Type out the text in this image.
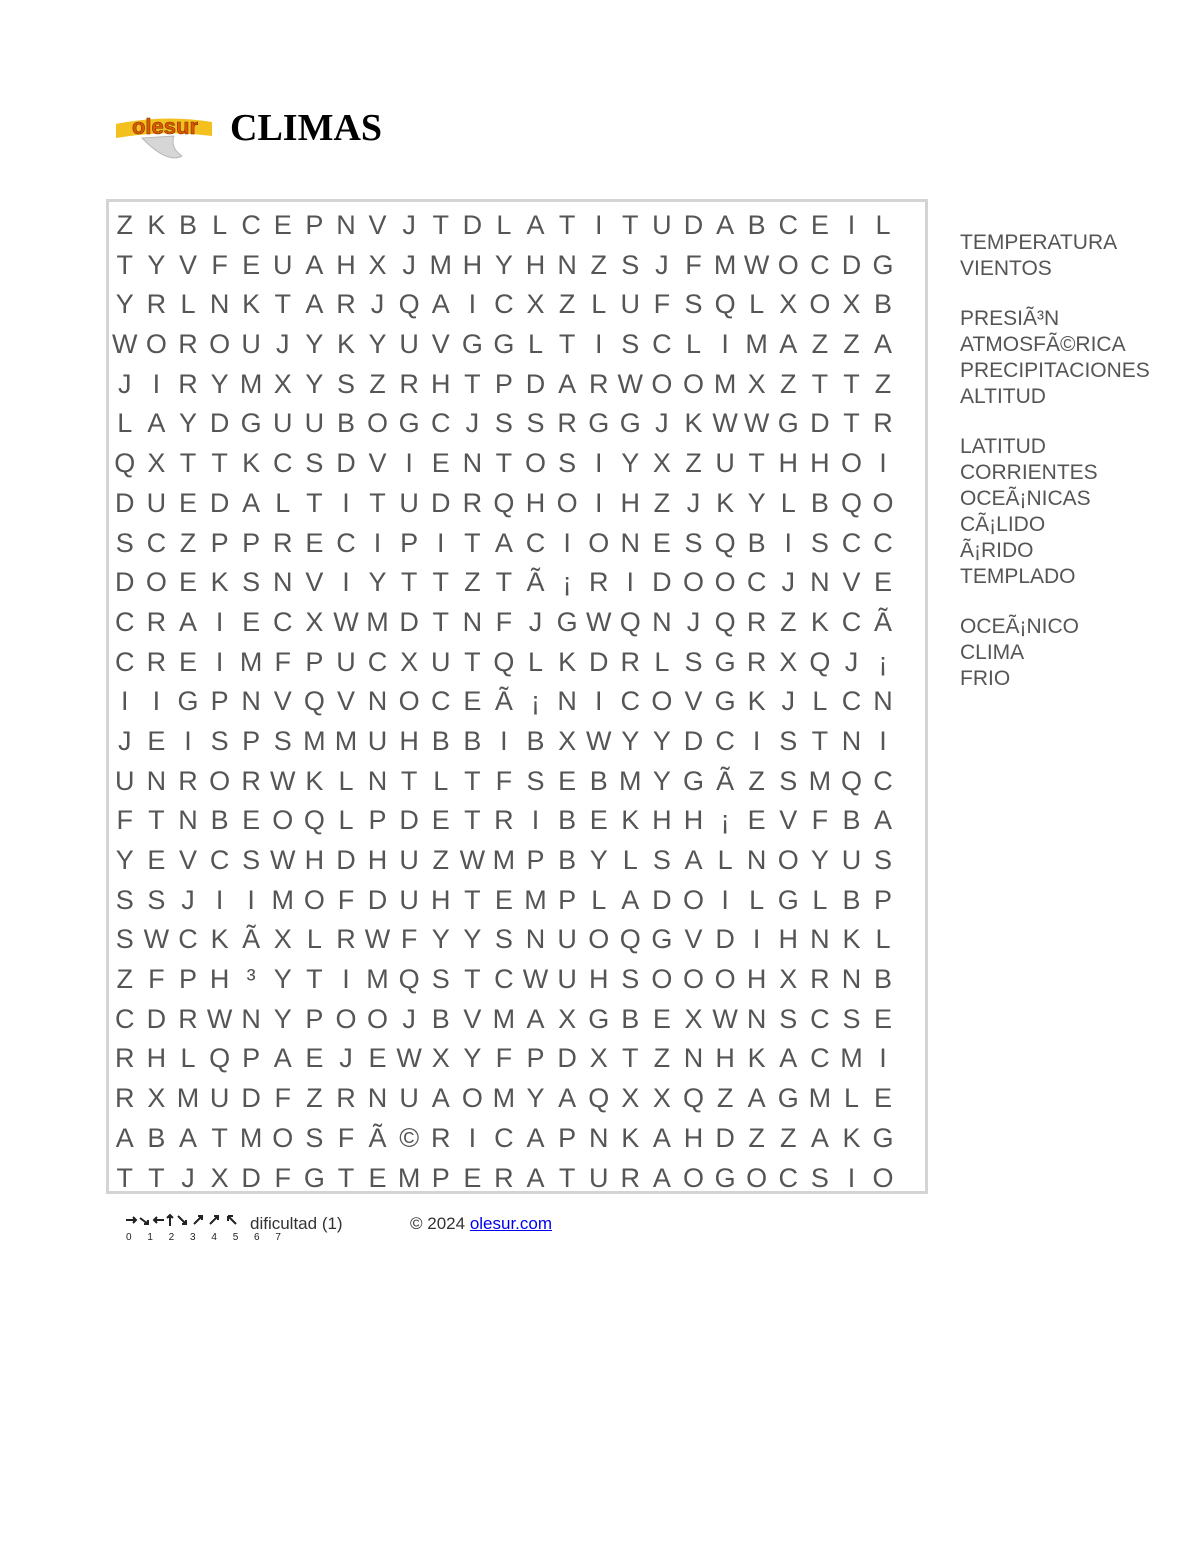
olesur CLIMAS
Z K B L C E P N V J T D L A T I T U D A B C E I L
T Y V F E U A H X J M H Y H N Z S J F M W O C D G
Y R L N K T A R J Q A I C X Z L U F S Q L X O X B
W O R O U J Y K Y U V G G L T I S C L I M A Z Z A
J I R Y M X Y S Z R H T P D A R W O O M X Z T T Z
L A Y D G U U B O G C J S S R G G J K W W G D T R
Q X T T K C S D V I E N T O S I Y X Z U T H H O I
D U E D A L T I T U D R Q H O I H Z J K Y L B Q O
S C Z P P R E C I P I T A C I O N E S Q B I S C C
D O E K S N V I Y T T Z T Ã ¡ R I D O O C J N V E
C R A I E C X W M D T N F J G W Q N J Q R Z K C Ã
C R E I M F P U C X U T Q L K D R L S G R X Q J ¡
I I G P N V Q V N O C E Ã ¡ N I C O V G K J L C N
J E I S P S M M U H B B I B X W Y Y D C I S T N I
U N R O R W K L N T L T F S E B M Y G Ã Z S M Q C
F T N B E O Q L P D E T R I B E K H H ¡ E V F B A
Y E V C S W H D H U Z W M P B Y L S A L N O Y U S
S S J I I M O F D U H T E M P L A D O I L G L B P
S W C K Ã X L R W F Y Y S N U O Q G V D I H N K L
Z F P H ³ Y T I M Q S T C W U H S O O O H X R N B
C D R W N Y P O O J B V M A X G B E X W N S C S E
R H L Q P A E J E W X Y F P D X T Z N H K A C M I
R X M U D F Z R N U A O M Y A Q X X Q Z A G M L E
A B A T M O S F Ã © R I C A P N K A H D Z Z A K G
T T J X D F G T E M P E R A T U R A O G O C S I O
TEMPERATURA
VIENTOS
PRESIÃ³N
ATMOSFÃ©RICA
PRECIPITACIONES
ALTITUD
LATITUD
CORRIENTES
OCEÃ¡NICAS
CÃ¡LIDO
Ã¡RIDO
TEMPLADO
OCEÃ¡NICO
CLIMA
FRIO
0 1 2 3 4 5 6 7
dificultad (1)	© 2024 olesur.com
